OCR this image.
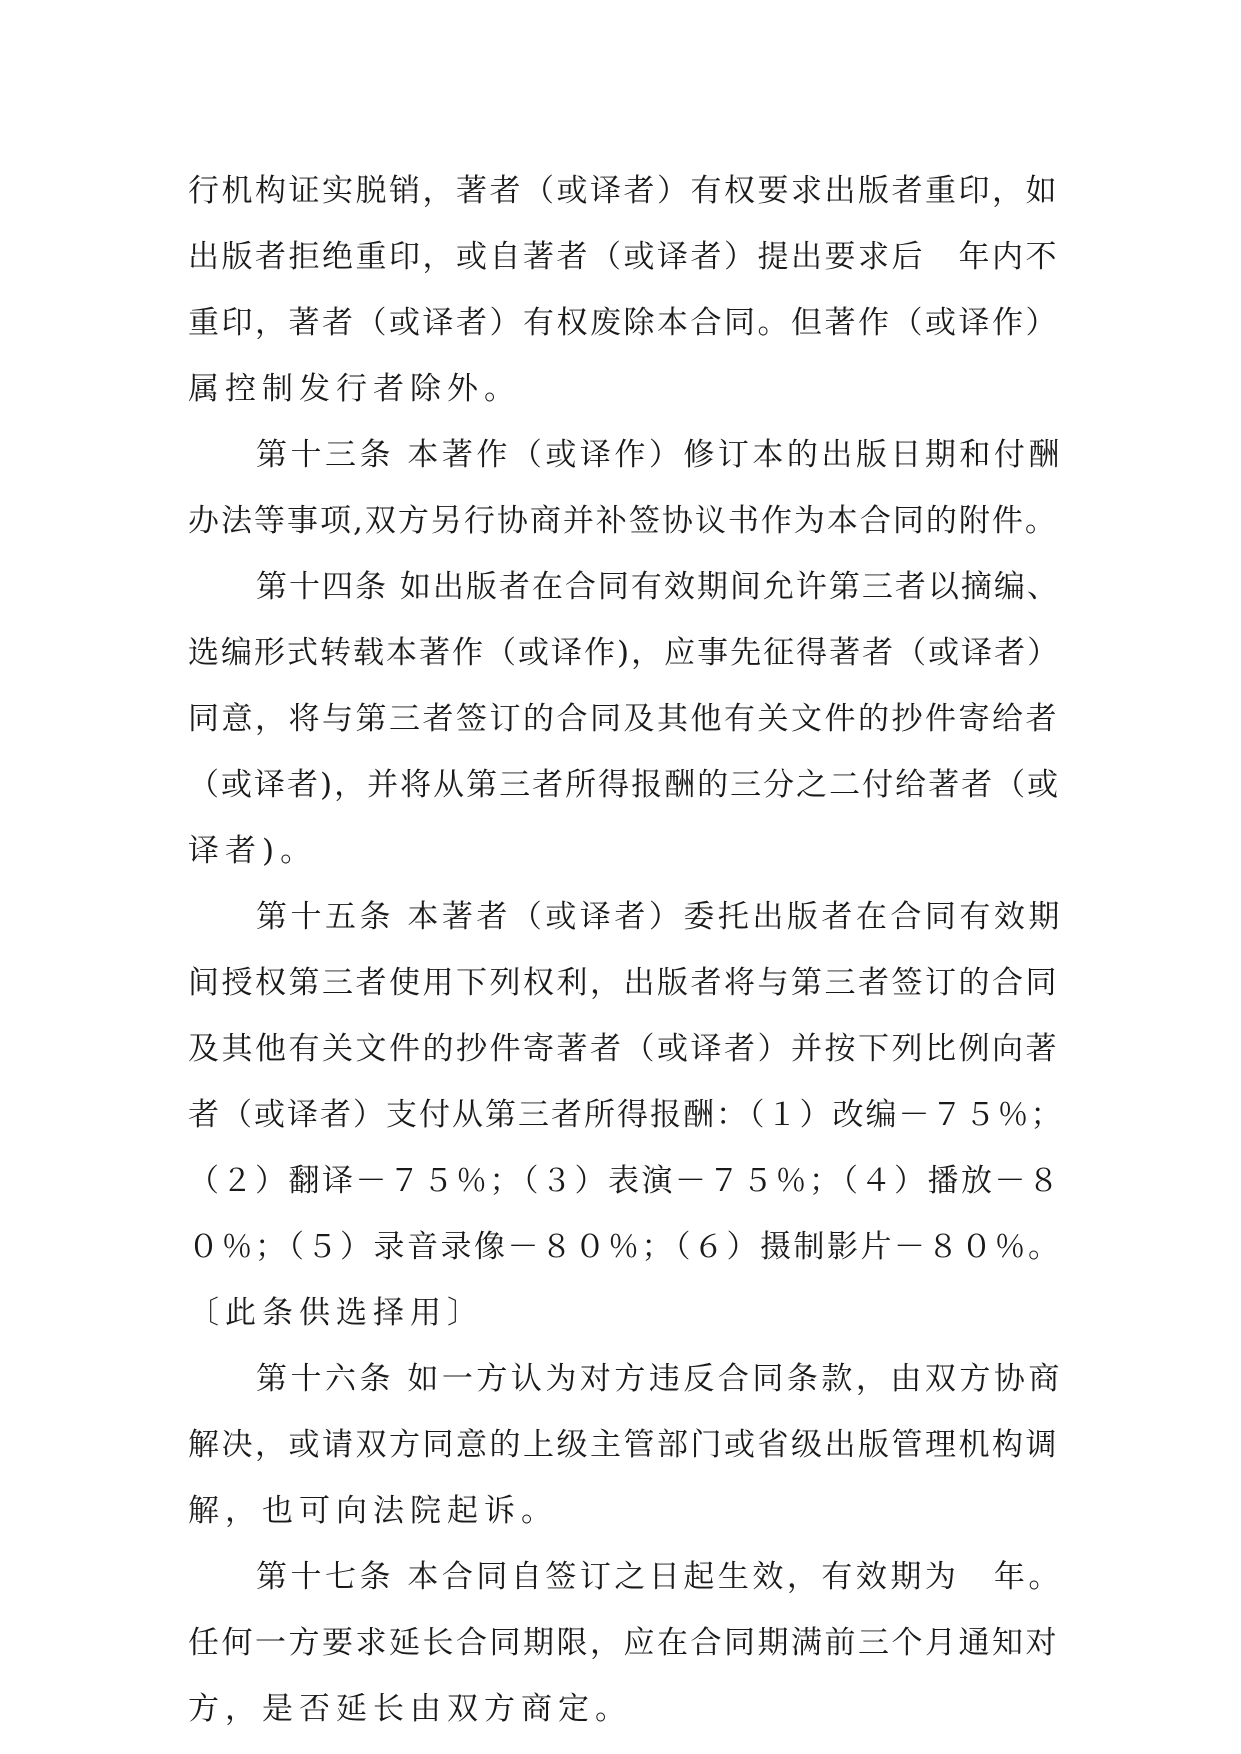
行机构证实脱销，著者（或译者）有权要求出版者重印，如
出版者拒绝重印，或自著者（或译者）提出要求后　年内不
重印，著者（或译者）有权废除本合同。但著作（或译作）
属控制发行者除外。
第十三条 本著作（或译作）修订本的出版日期和付酬
办法等事项,双方另行协商并补签协议书作为本合同的附件。
第十四条 如出版者在合同有效期间允许第三者以摘编、
选编形式转载本著作（或译作)，应事先征得著者（或译者）
同意，将与第三者签订的合同及其他有关文件的抄件寄给者
（或译者)，并将从第三者所得报酬的三分之二付给著者（或
译者)。
第十五条 本著者（或译者）委托出版者在合同有效期
间授权第三者使用下列权利，出版者将与第三者签订的合同
及其他有关文件的抄件寄著者（或译者）并按下列比例向著
者（或译者）支付从第三者所得报酬：（１）改编－７５％；
（２）翻译－７５％；（３）表演－７５％；（４）播放－８
０％；（５）录音录像－８０％；（６）摄制影片－８０％。
〔此条供选择用〕
第十六条 如一方认为对方违反合同条款，由双方协商
解决，或请双方同意的上级主管部门或省级出版管理机构调
解，也可向法院起诉。
第十七条 本合同自签订之日起生效，有效期为　年。
任何一方要求延长合同期限，应在合同期满前三个月通知对
方，是否延长由双方商定。
